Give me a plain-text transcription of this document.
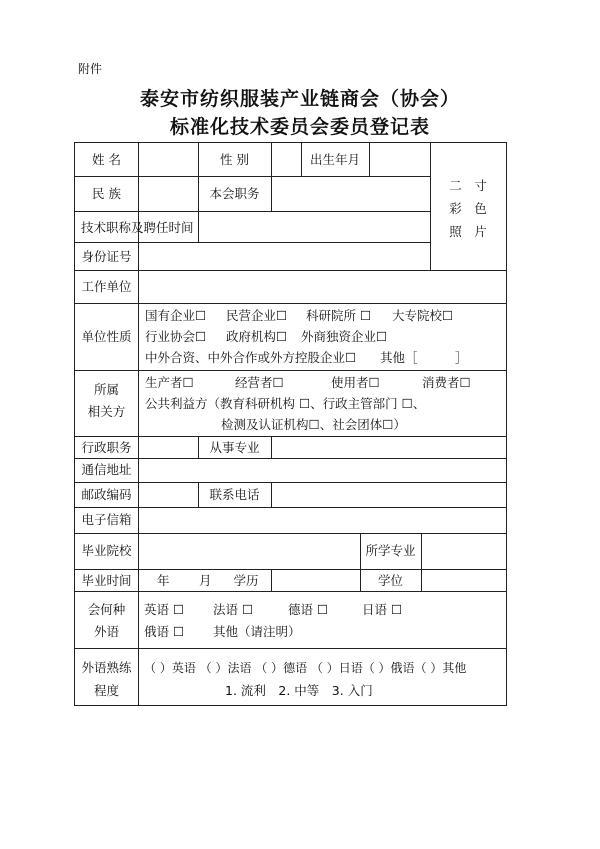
附件
泰安市纺织服装产业链商会（协会）
标准化技术委员会委员登记表
姓 名	性 别	出生年月
二　寸
彩　色
照　片
民 族	本会职务
技术职称及聘任时间
身份证号
工作单位
单位性质
国有企业☐ 民营企业☐ 科研院所 ☐ 大专院校☐
行业协会☐ 政府机构☐ 外商独资企业☐
中外合资、中外合作或外方控股企业☐ 其他［　　　］
所属
相关方
生产者☐	经营者☐	使用者☐	消费者☐
公共利益方（教育科研机构 ☐、行政主管部门 ☐、
检测及认证机构☐、社会团体☐）
行政职务	从事专业
通信地址
邮政编码	联系电话
电子信箱
毕业院校	所学专业
毕业时间	年 月	学历	学位
会何种
外语
英语 ☐ 法语 ☐	德语 ☐	日语 ☐
俄语 ☐ 其他（请注明）
外语熟练
程度
（ ）英语 （ ）法语 （ ）德语 （ ）日语（ ）俄语（ ）其他
1. 流利　2. 中等　3. 入门
